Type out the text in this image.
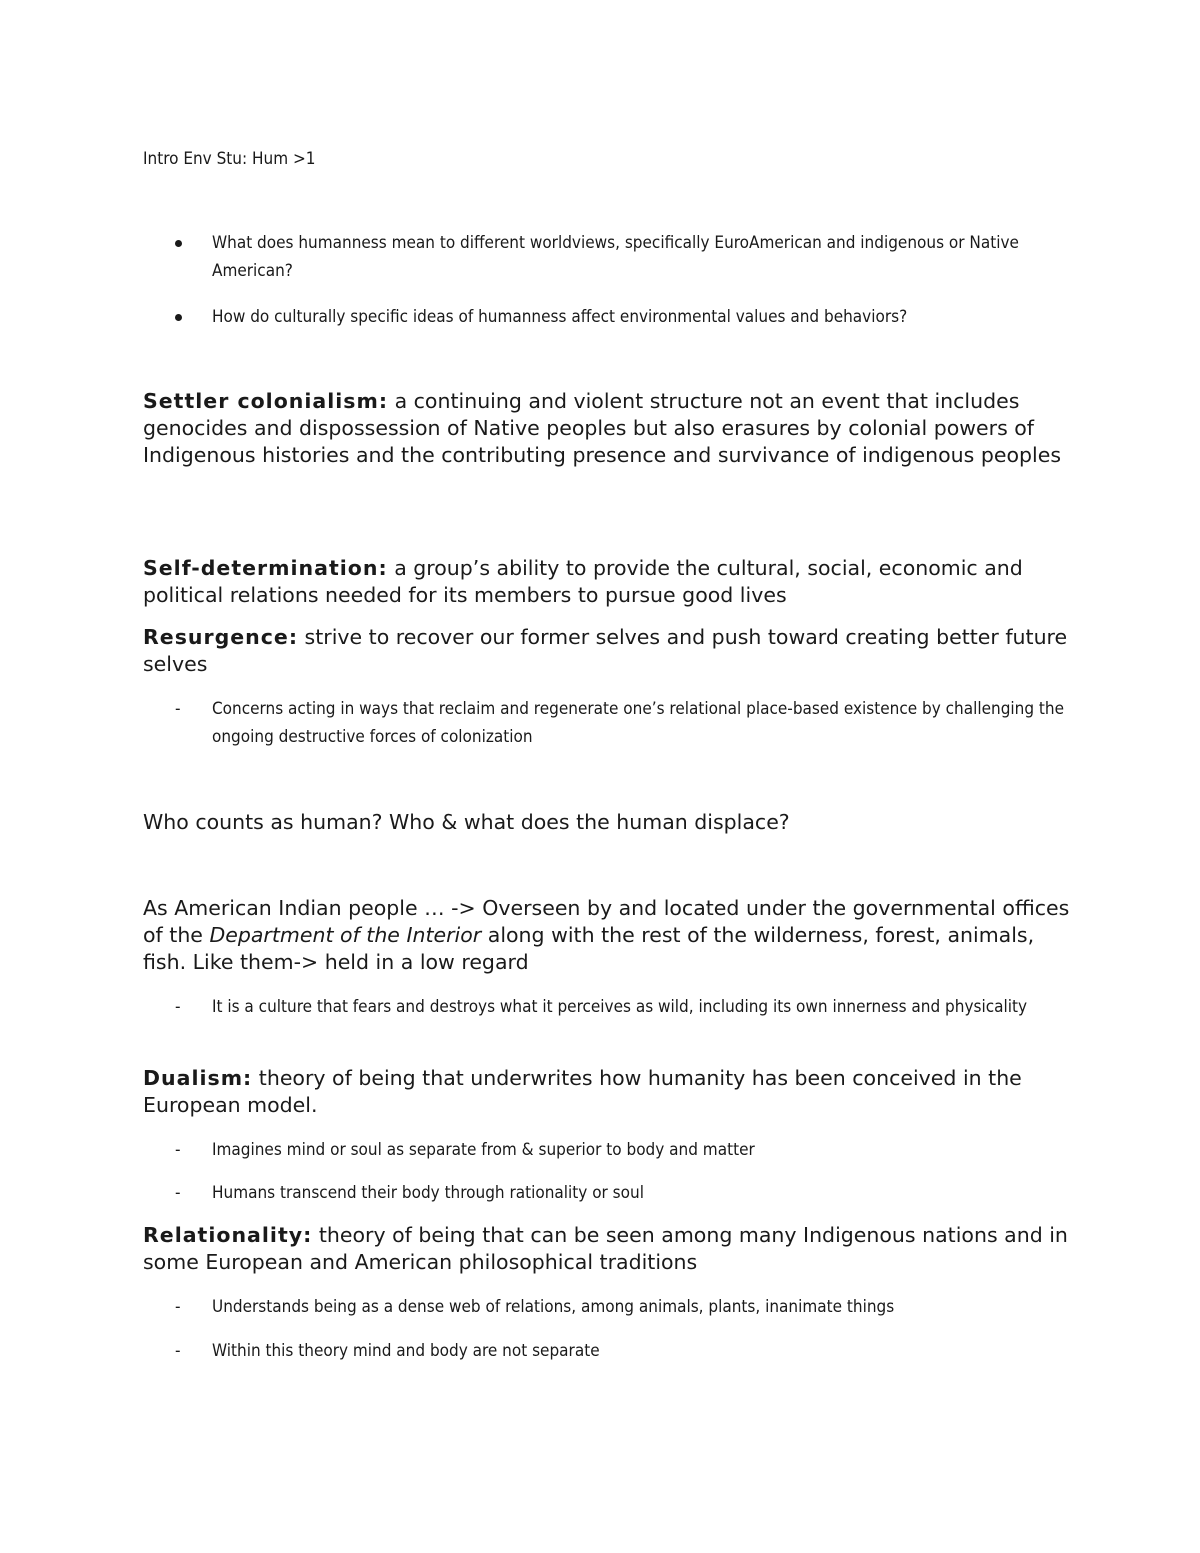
Intro Env Stu: Hum >1
What does humanness mean to different worldviews, specifically EuroAmerican and indigenous or Native American?
How do culturally specific ideas of humanness affect environmental values and behaviors?
Settler colonialism: a continuing and violent structure not an event that includes genocides and dispossession of Native peoples but also erasures by colonial powers of Indigenous histories and the contributing presence and survivance of indigenous peoples
Self-determination: a group’s ability to provide the cultural, social, economic and political relations needed for its members to pursue good lives
Resurgence: strive to recover our former selves and push toward creating better future selves
- Concerns acting in ways that reclaim and regenerate one’s relational place-based existence by challenging the ongoing destructive forces of colonization
Who counts as human? Who & what does the human displace?
As American Indian people … -> Overseen by and located under the governmental offices of the Department of the Interior along with the rest of the wilderness, forest, animals, fish. Like them-> held in a low regard
- It is a culture that fears and destroys what it perceives as wild, including its own innerness and physicality
Dualism: theory of being that underwrites how humanity has been conceived in the European model.
- Imagines mind or soul as separate from & superior to body and matter
- Humans transcend their body through rationality or soul
Relationality: theory of being that can be seen among many Indigenous nations and in some European and American philosophical traditions
- Understands being as a dense web of relations, among animals, plants, inanimate things
- Within this theory mind and body are not separate
